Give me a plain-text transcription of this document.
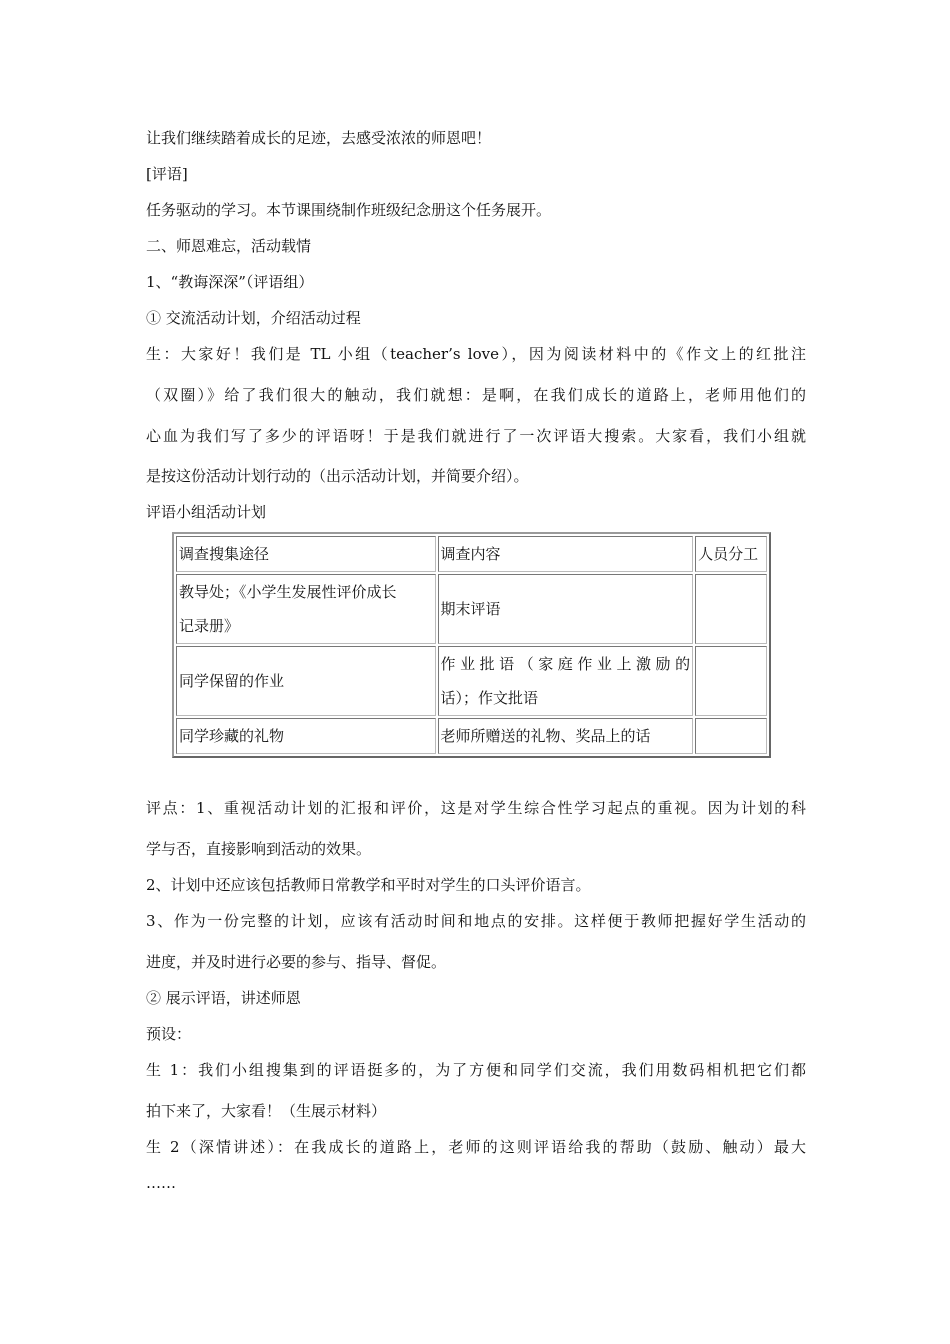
让我们继续踏着成长的足迹，去感受浓浓的师恩吧！
[评语]
任务驱动的学习。本节课围绕制作班级纪念册这个任务展开。
二、师恩难忘，活动载情
1、“教诲深深”（评语组）
① 交流活动计划，介绍活动过程
生：大家好！我们是 TL 小组（teacher’s love），因为阅读材料中的《作文上的红批注
（双圈）》给了我们很大的触动，我们就想：是啊，在我们成长的道路上，老师用他们的
心血为我们写了多少的评语呀！于是我们就进行了一次评语大搜索。大家看，我们小组就
是按这份活动计划行动的（出示活动计划，并简要介绍）。
评语小组活动计划
调查搜集途径	调查内容	人员分工

教导处；《小学生发展性评价成长
记录册》	期末评语	
同学保留的作业	作业批语（家庭作业上激励的
话）；作文批语	

同学珍藏的礼物	老师所赠送的礼物、奖品上的话	
评点：1、重视活动计划的汇报和评价，这是对学生综合性学习起点的重视。因为计划的科
学与否，直接影响到活动的效果。
2、计划中还应该包括教师日常教学和平时对学生的口头评价语言。
3、作为一份完整的计划，应该有活动时间和地点的安排。这样便于教师把握好学生活动的
进度，并及时进行必要的参与、指导、督促。
② 展示评语，讲述师恩
预设：
生 1：我们小组搜集到的评语挺多的，为了方便和同学们交流，我们用数码相机把它们都
拍下来了，大家看！（生展示材料）
生 2（深情讲述）：在我成长的道路上，老师的这则评语给我的帮助（鼓励、触动）最大
……
